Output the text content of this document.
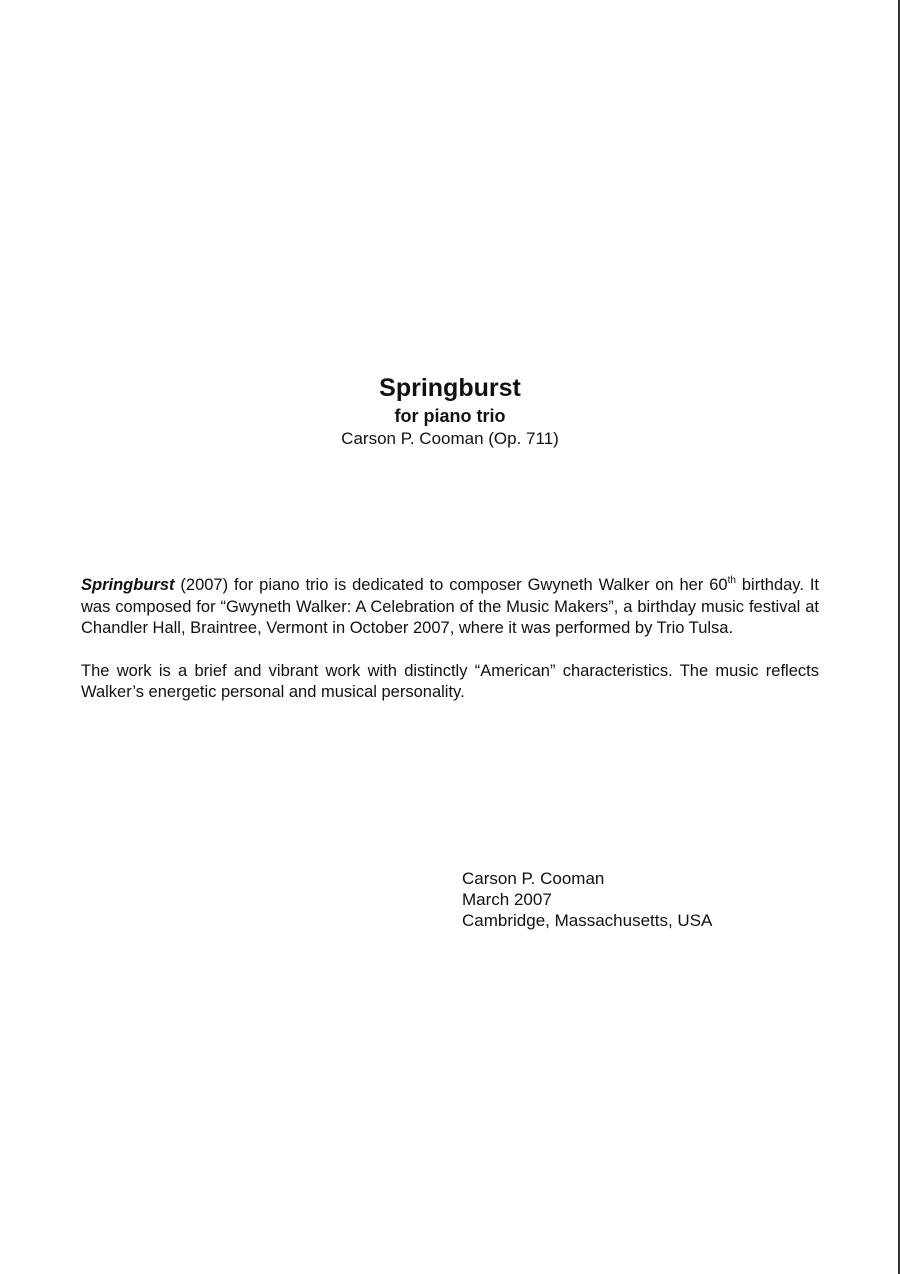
Springburst

for piano trio

Carson P. Cooman (Op. 711)

Springburst (2007) for piano trio is dedicated to composer Gwyneth Walker on her 60th birthday. It was composed for “Gwyneth Walker: A Celebration of the Music Makers”, a birthday music festival at Chandler Hall, Braintree, Vermont in October 2007, where it was performed by Trio Tulsa.

The work is a brief and vibrant work with distinctly “American” characteristics. The music reflects Walker’s energetic personal and musical personality.

Carson P. Cooman
March 2007
Cambridge, Massachusetts, USA
